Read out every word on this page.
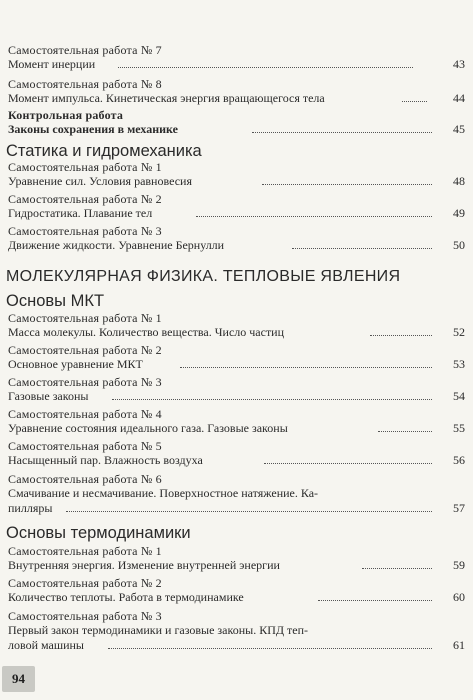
Самостоятельная работа № 7
Момент инерции	43
Самостоятельная работа № 8
Момент импульса. Кинетическая энергия вращающегося тела	44
Контрольная работа
Законы сохранения в механике	45
Статика и гидромеханика
Самостоятельная работа № 1
Уравнение сил. Условия равновесия	48
Самостоятельная работа № 2
Гидростатика. Плавание тел	49
Самостоятельная работа № 3
Движение жидкости. Уравнение Бернулли	50
МОЛЕКУЛЯРНАЯ ФИЗИКА. ТЕПЛОВЫЕ ЯВЛЕНИЯ
Основы МКТ
Самостоятельная работа № 1
Масса молекулы. Количество вещества. Число частиц	52
Самостоятельная работа № 2
Основное уравнение МКТ	53
Самостоятельная работа № 3
Газовые законы	54
Самостоятельная работа № 4
Уравнение состояния идеального газа. Газовые законы	55
Самостоятельная работа № 5
Насыщенный пар. Влажность воздуха	56
Самостоятельная работа № 6
Смачивание и несмачивание. Поверхностное натяжение. Ка-
пилляры	57
Основы термодинамики
Самостоятельная работа № 1
Внутренняя энергия. Изменение внутренней энергии	59
Самостоятельная работа № 2
Количество теплоты. Работа в термодинамике	60
Самостоятельная работа № 3
Первый закон термодинамики и газовые законы. КПД теп-
ловой машины	61
94
